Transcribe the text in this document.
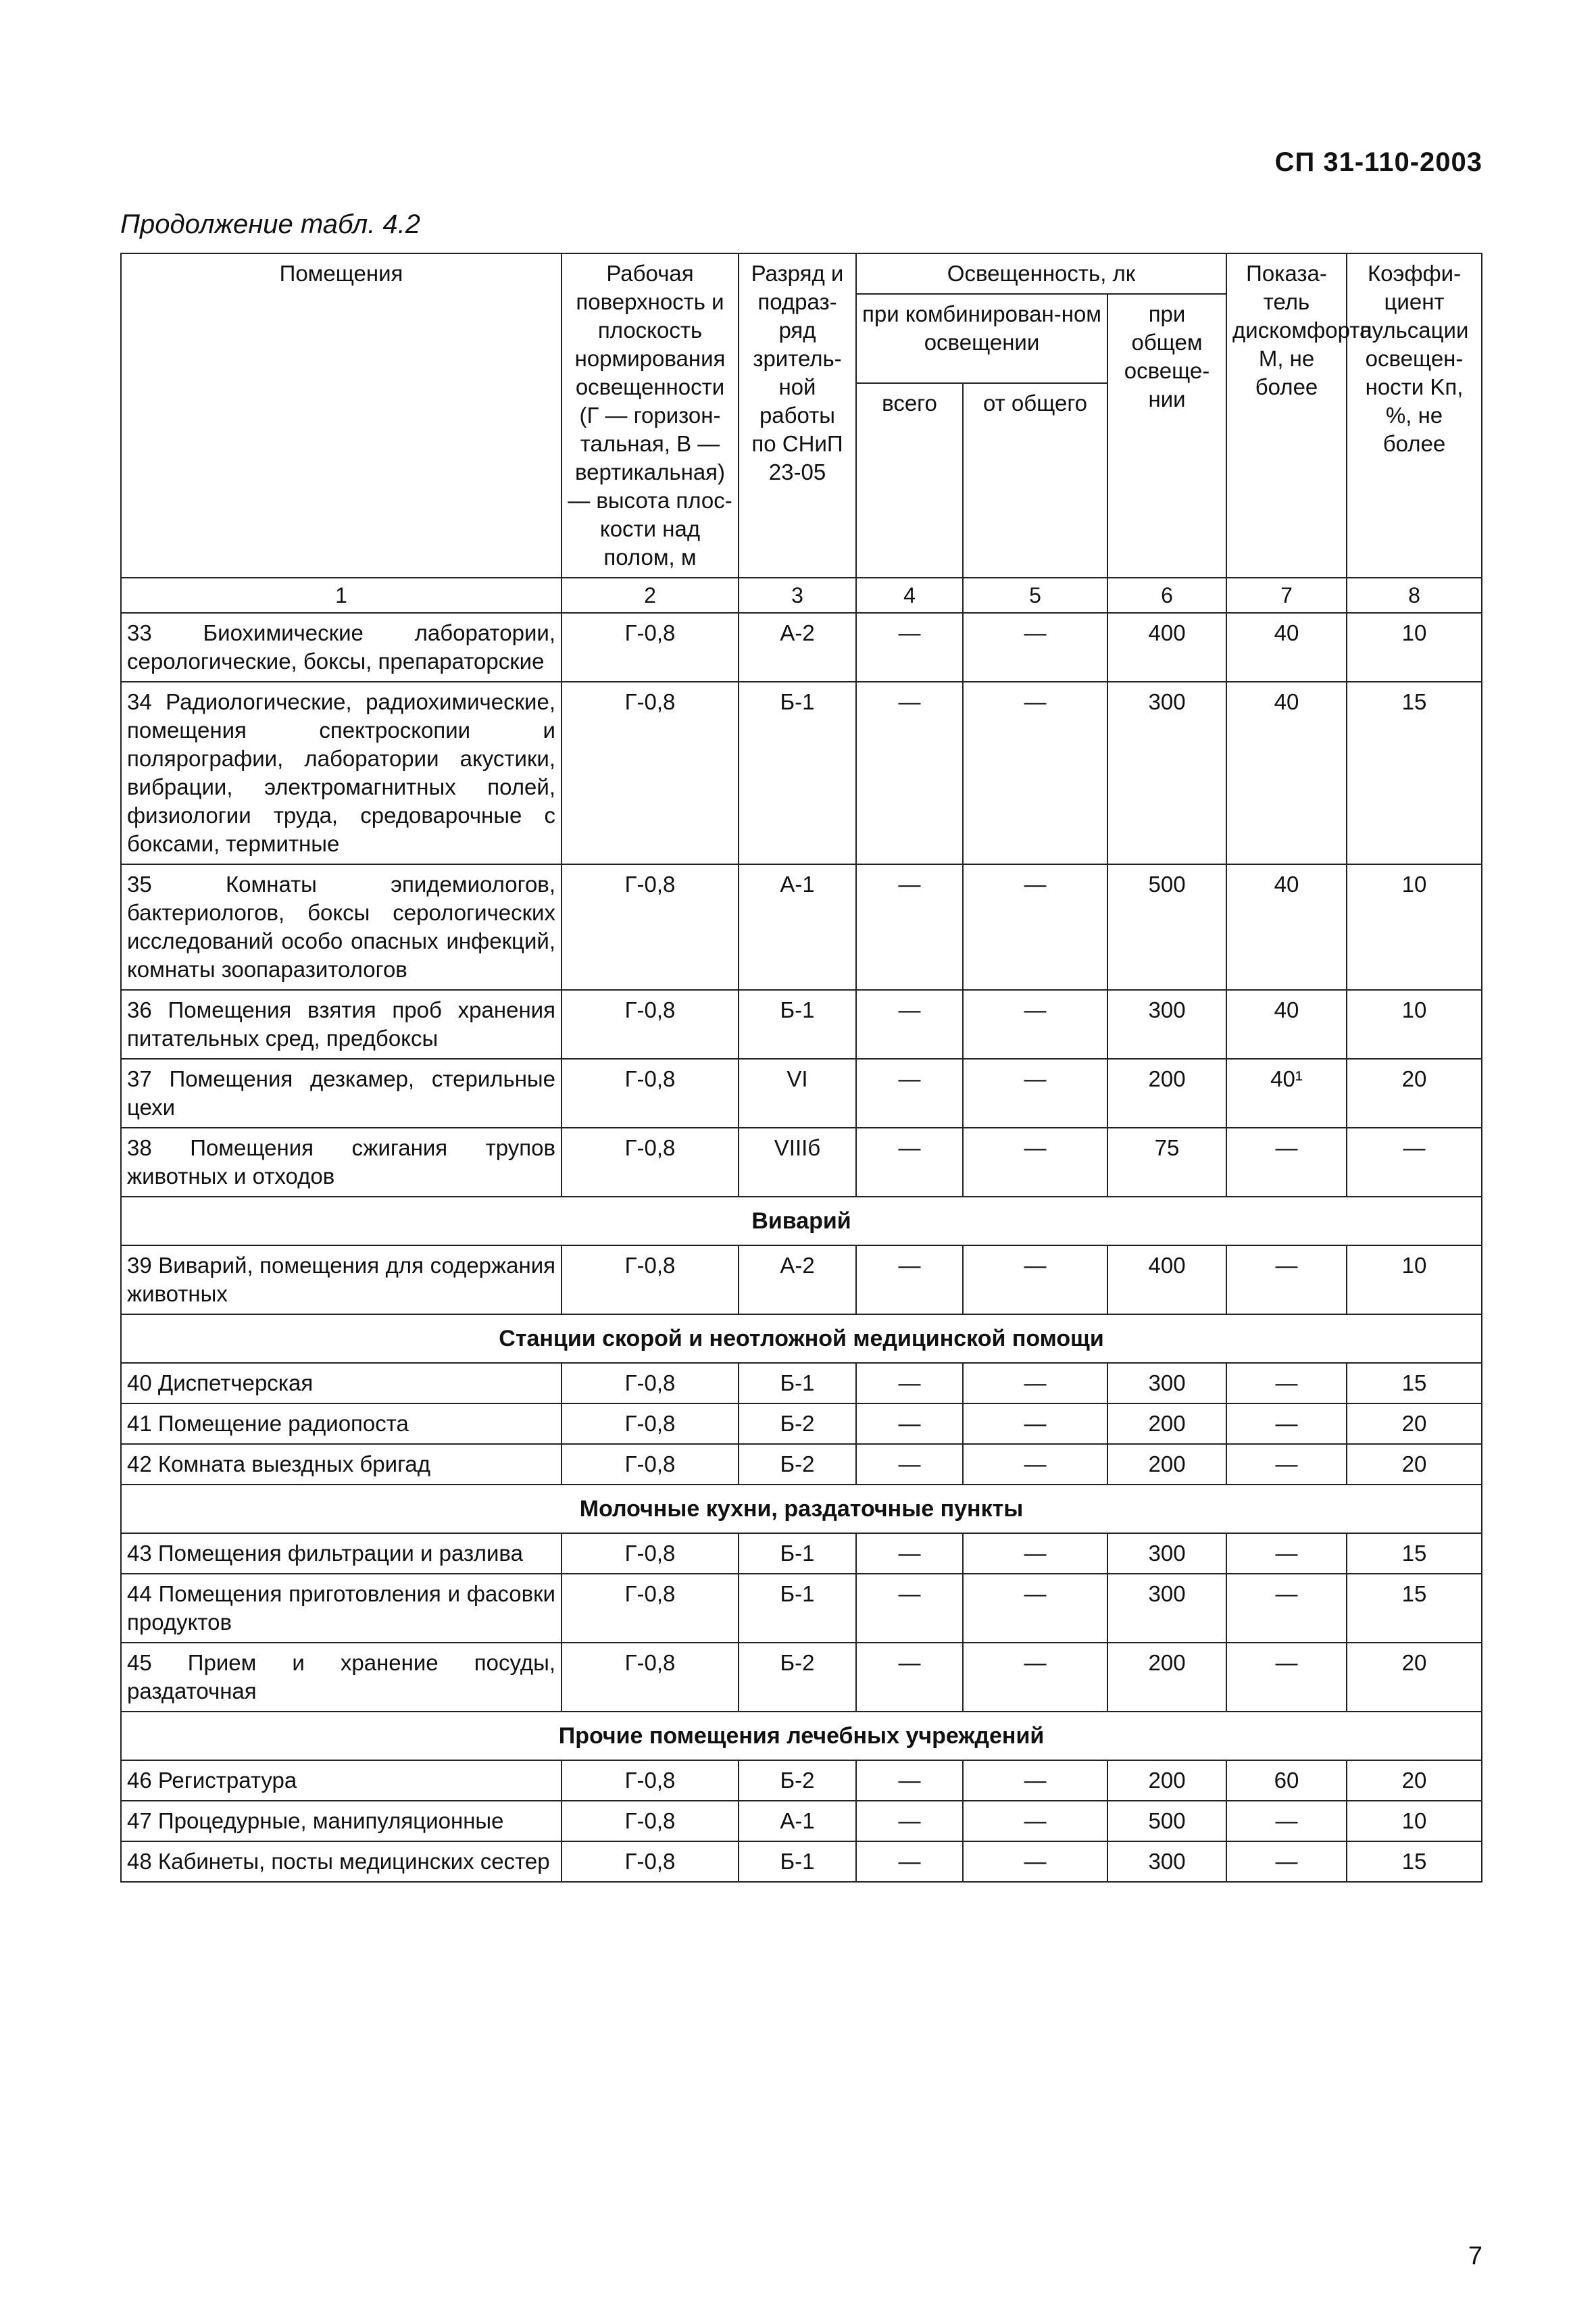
СП 31-110-2003
Продолжение табл. 4.2
Помещения	Рабочая поверхность и плоскость нормирования освещенности (Г — горизон-тальная, В — вертикальная) — высота плос-кости над полом, м	Разряд и подраз-ряд зритель-ной работы по СНиП 23-05	Освещенность, лк			Показа-тель дискомфорта M, не более	Коэффи-циент пульсации освещен-ности Kп, %, не более
			при комбинирован-ном освещении		при общем освеще-нии		
			всего	от общего			
1	2	3	4	5	6	7	8
33 Биохимические лаборатории, серологические, боксы, препараторские	Г-0,8	А-2	—	—	400	40	10
34 Радиологические, радиохимические, помещения спектроскопии и полярографии, лаборатории акустики, вибрации, электромагнитных полей, физиологии труда, средоварочные с боксами, термитные	Г-0,8	Б-1	—	—	300	40	15
35 Комнаты эпидемиологов, бактериологов, боксы серологических исследований особо опасных инфекций, комнаты зоопаразитологов	Г-0,8	А-1	—	—	500	40	10
36 Помещения взятия проб хранения питательных сред, предбоксы	Г-0,8	Б-1	—	—	300	40	10
37 Помещения дезкамер, стерильные цехи	Г-0,8	VI	—	—	200	40¹	20
38 Помещения сжигания трупов животных и отходов	Г-0,8	VIIIб	—	—	75	—	—
Виварий							
39 Виварий, помещения для содержания животных	Г-0,8	А-2	—	—	400	—	10
Станции скорой и неотложной медицинской помощи							
40 Диспетчерская	Г-0,8	Б-1	—	—	300	—	15
41 Помещение радиопоста	Г-0,8	Б-2	—	—	200	—	20
42 Комната выездных бригад	Г-0,8	Б-2	—	—	200	—	20
Молочные кухни, раздаточные пункты							
43 Помещения фильтрации и разлива	Г-0,8	Б-1	—	—	300	—	15
44 Помещения приготовления и фасовки продуктов	Г-0,8	Б-1	—	—	300	—	15
45 Прием и хранение посуды, раздаточная	Г-0,8	Б-2	—	—	200	—	20
Прочие помещения лечебных учреждений							
46 Регистратура	Г-0,8	Б-2	—	—	200	60	20
47 Процедурные, манипуляционные	Г-0,8	А-1	—	—	500	—	10
48 Кабинеты, посты медицинских сестер	Г-0,8	Б-1	—	—	300	—	15
7
